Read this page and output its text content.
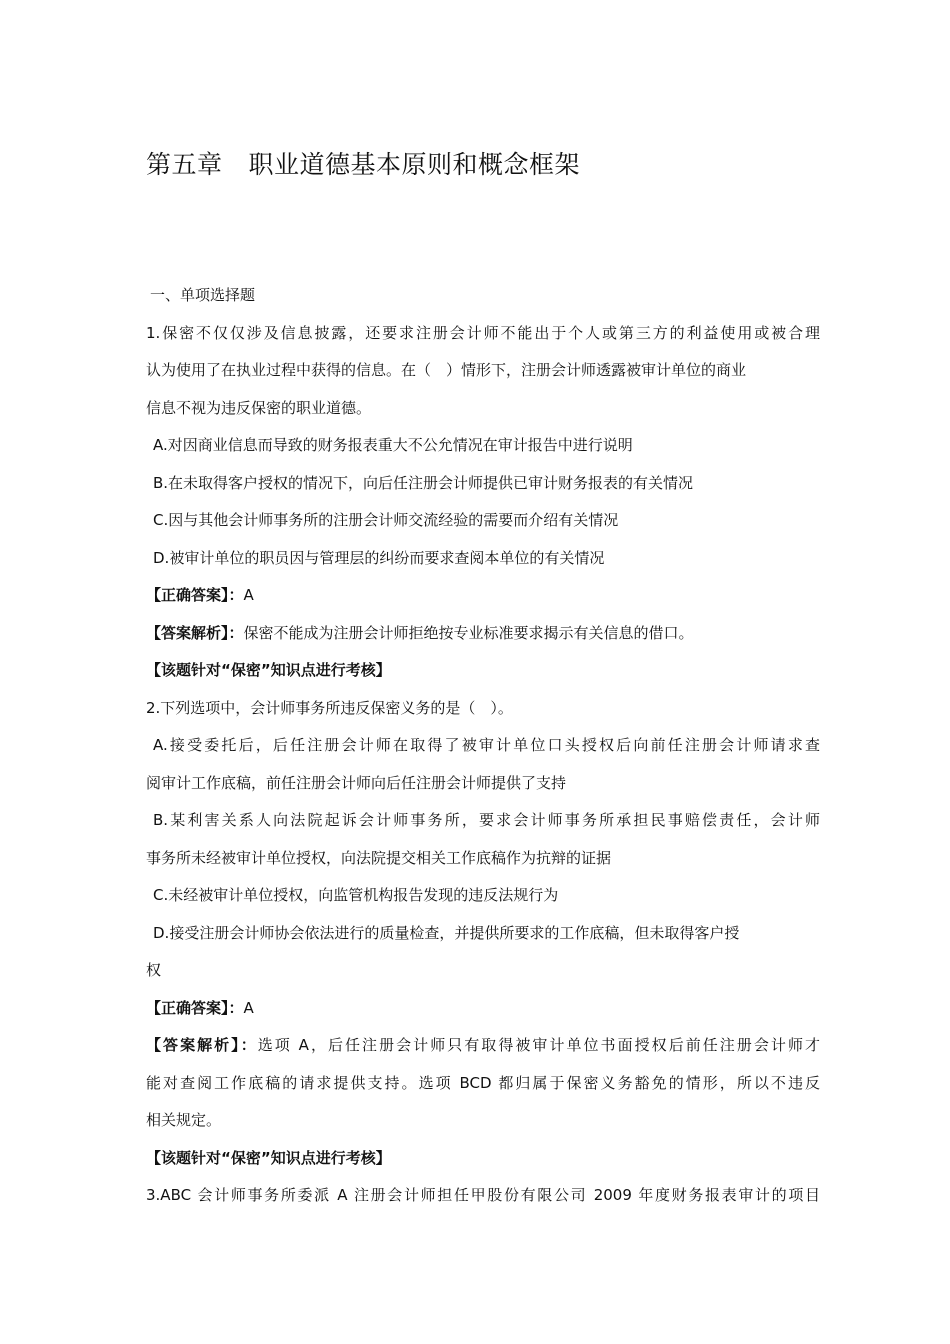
第五章 职业道德基本原则和概念框架
一、单项选择题
1.保密不仅仅涉及信息披露，还要求注册会计师不能出于个人或第三方的利益使用或被合理
认为使用了在执业过程中获得的信息。在（　）情形下，注册会计师透露被审计单位的商业
信息不视为违反保密的职业道德。
A.对因商业信息而导致的财务报表重大不公允情况在审计报告中进行说明
B.在未取得客户授权的情况下，向后任注册会计师提供已审计财务报表的有关情况
C.因与其他会计师事务所的注册会计师交流经验的需要而介绍有关情况
D.被审计单位的职员因与管理层的纠纷而要求查阅本单位的有关情况
【正确答案】：A
【答案解析】：保密不能成为注册会计师拒绝按专业标准要求揭示有关信息的借口。
【该题针对“保密”知识点进行考核】
2.下列选项中，会计师事务所违反保密义务的是（　）。
A.接受委托后，后任注册会计师在取得了被审计单位口头授权后向前任注册会计师请求查
阅审计工作底稿，前任注册会计师向后任注册会计师提供了支持
B.某利害关系人向法院起诉会计师事务所，要求会计师事务所承担民事赔偿责任，会计师
事务所未经被审计单位授权，向法院提交相关工作底稿作为抗辩的证据
C.未经被审计单位授权，向监管机构报告发现的违反法规行为
D.接受注册会计师协会依法进行的质量检查，并提供所要求的工作底稿，但未取得客户授
权
【正确答案】：A
【答案解析】：选项 A，后任注册会计师只有取得被审计单位书面授权后前任注册会计师才
能对查阅工作底稿的请求提供支持。选项 BCD 都归属于保密义务豁免的情形，所以不违反
相关规定。
【该题针对“保密”知识点进行考核】
3.ABC 会计师事务所委派 A 注册会计师担任甲股份有限公司 2009 年度财务报表审计的项目
